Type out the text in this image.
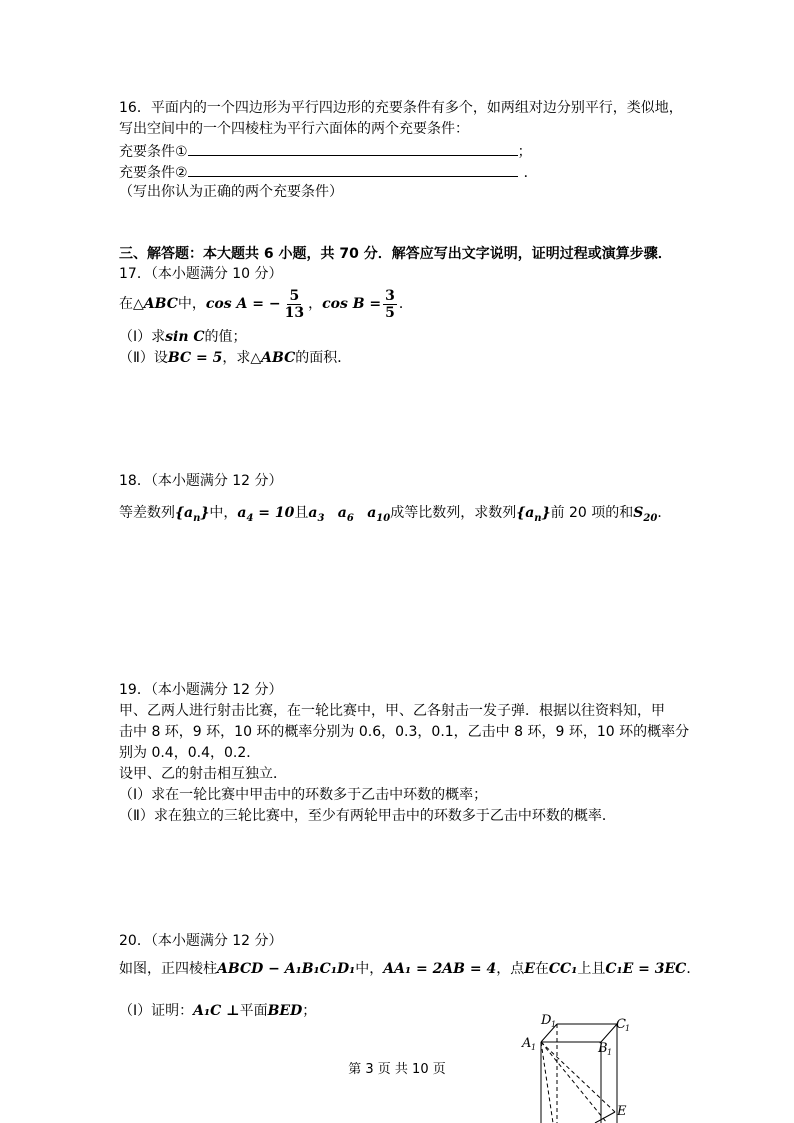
16．平面内的一个四边形为平行四边形的充要条件有多个，如两组对边分别平行，类似地，
写出空间中的一个四棱柱为平行六面体的两个充要条件：
充要条件①	；
充要条件②	．
（写出你认为正确的两个充要条件）
三、解答题：本大题共 6 小题，共 70 分．解答应写出文字说明，证明过程或演算步骤．
17．（本小题满分 10 分）
在△ABC中，cos A = − $\frac{5}{13}$ ，$\cos B = \frac{3}{5}$ ．
（Ⅰ）求sin C的值；
（Ⅱ）设BC = 5，求△ABC的面积．
18．（本小题满分 12 分）
等差数列$\{a_n\}$中，$a_4 = 10$且$a_3$ $a_6$ $a_{10}$成等比数列，求数列$\{a_n\}$前 20 项的和$S_{20}$．
19．（本小题满分 12 分）
甲、乙两人进行射击比赛，在一轮比赛中，甲、乙各射击一发子弹．根据以往资料知，甲
击中 8 环，9 环，10 环的概率分别为 0.6，0.3，0.1，乙击中 8 环，9 环，10 环的概率分
别为 0.4，0.4，0.2．
设甲、乙的射击相互独立．
（Ⅰ）求在一轮比赛中甲击中的环数多于乙击中环数的概率；
（Ⅱ）求在独立的三轮比赛中，至少有两轮甲击中的环数多于乙击中环数的概率．
20．（本小题满分 12 分）
如图，正四棱柱ABCD − A₁B₁C₁D₁中，AA₁ = 2AB = 4，点E在CC₁上且C₁E = 3EC．
（Ⅰ）证明：A₁C ⊥平面BED；
D 1	C 1
A 1	B 1
E
第 3 页 共 10 页
